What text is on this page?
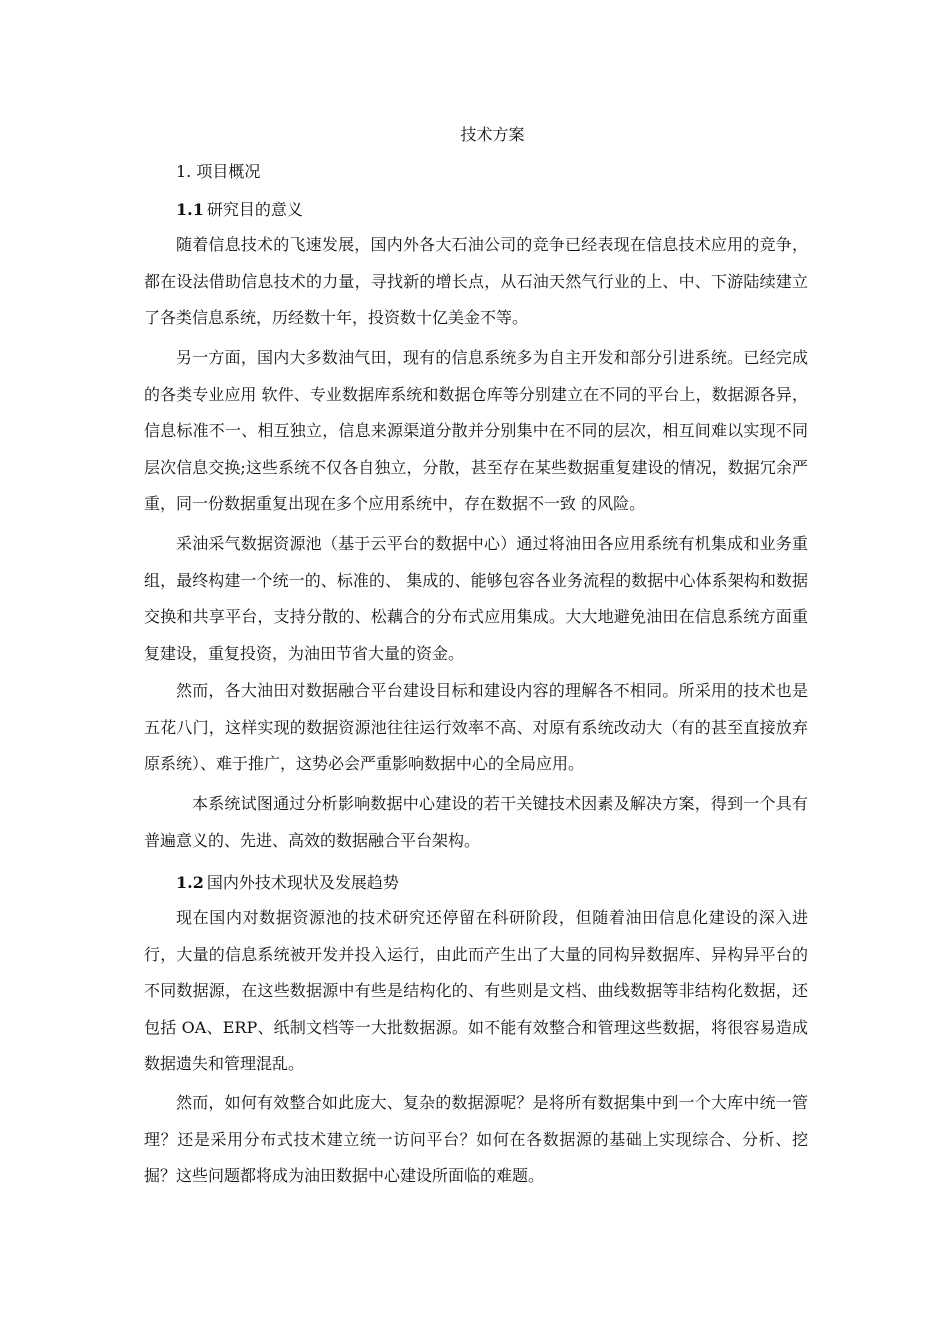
技术方案
1. 项目概况
1.1 研究目的意义

随着信息技术的飞速发展，国内外各大石油公司的竞争已经表现在信息技术应用的竞争，都在设法借助信息技术的力量，寻找新的增长点，从石油天然气行业的上、中、下游陆续建立了各类信息系统，历经数十年，投资数十亿美金不等。

另一方面，国内大多数油气田，现有的信息系统多为自主开发和部分引进系统。已经完成的各类专业应用 软件、专业数据库系统和数据仓库等分别建立在不同的平台上，数据源各异，信息标准不一、相互独立，信息来源渠道分散并分别集中在不同的层次，相互间难以实现不同层次信息交换;这些系统不仅各自独立，分散，甚至存在某些数据重复建设的情况，数据冗余严重，同一份数据重复出现在多个应用系统中，存在数据不一致 的风险。

采油采气数据资源池（基于云平台的数据中心）通过将油田各应用系统有机集成和业务重组，最终构建一个统一的、标准的、 集成的、能够包容各业务流程的数据中心体系架构和数据交换和共享平台，支持分散的、松藕合的分布式应用集成。大大地避免油田在信息系统方面重复建设，重复投资，为油田节省大量的资金。

然而，各大油田对数据融合平台建设目标和建设内容的理解各不相同。所采用的技术也是五花八门，这样实现的数据资源池往往运行效率不高、对原有系统改动大（有的甚至直接放弃原系统）、难于推广，这势必会严重影响数据中心的全局应用。

本系统试图通过分析影响数据中心建设的若干关键技术因素及解决方案，得到一个具有普遍意义的、先进、高效的数据融合平台架构。

1.2 国内外技术现状及发展趋势

现在国内对数据资源池的技术研究还停留在科研阶段，但随着油田信息化建设的深入进行，大量的信息系统被开发并投入运行，由此而产生出了大量的同构异数据库、异构异平台的不同数据源，在这些数据源中有些是结构化的、有些则是文档、曲线数据等非结构化数据，还包括 OA、ERP、纸制文档等一大批数据源。如不能有效整合和管理这些数据，将很容易造成数据遗失和管理混乱。

然而，如何有效整合如此庞大、复杂的数据源呢？是将所有数据集中到一个大库中统一管理？还是采用分布式技术建立统一访问平台？如何在各数据源的基础上实现综合、分析、挖掘？这些问题都将成为油田数据中心建设所面临的难题。
